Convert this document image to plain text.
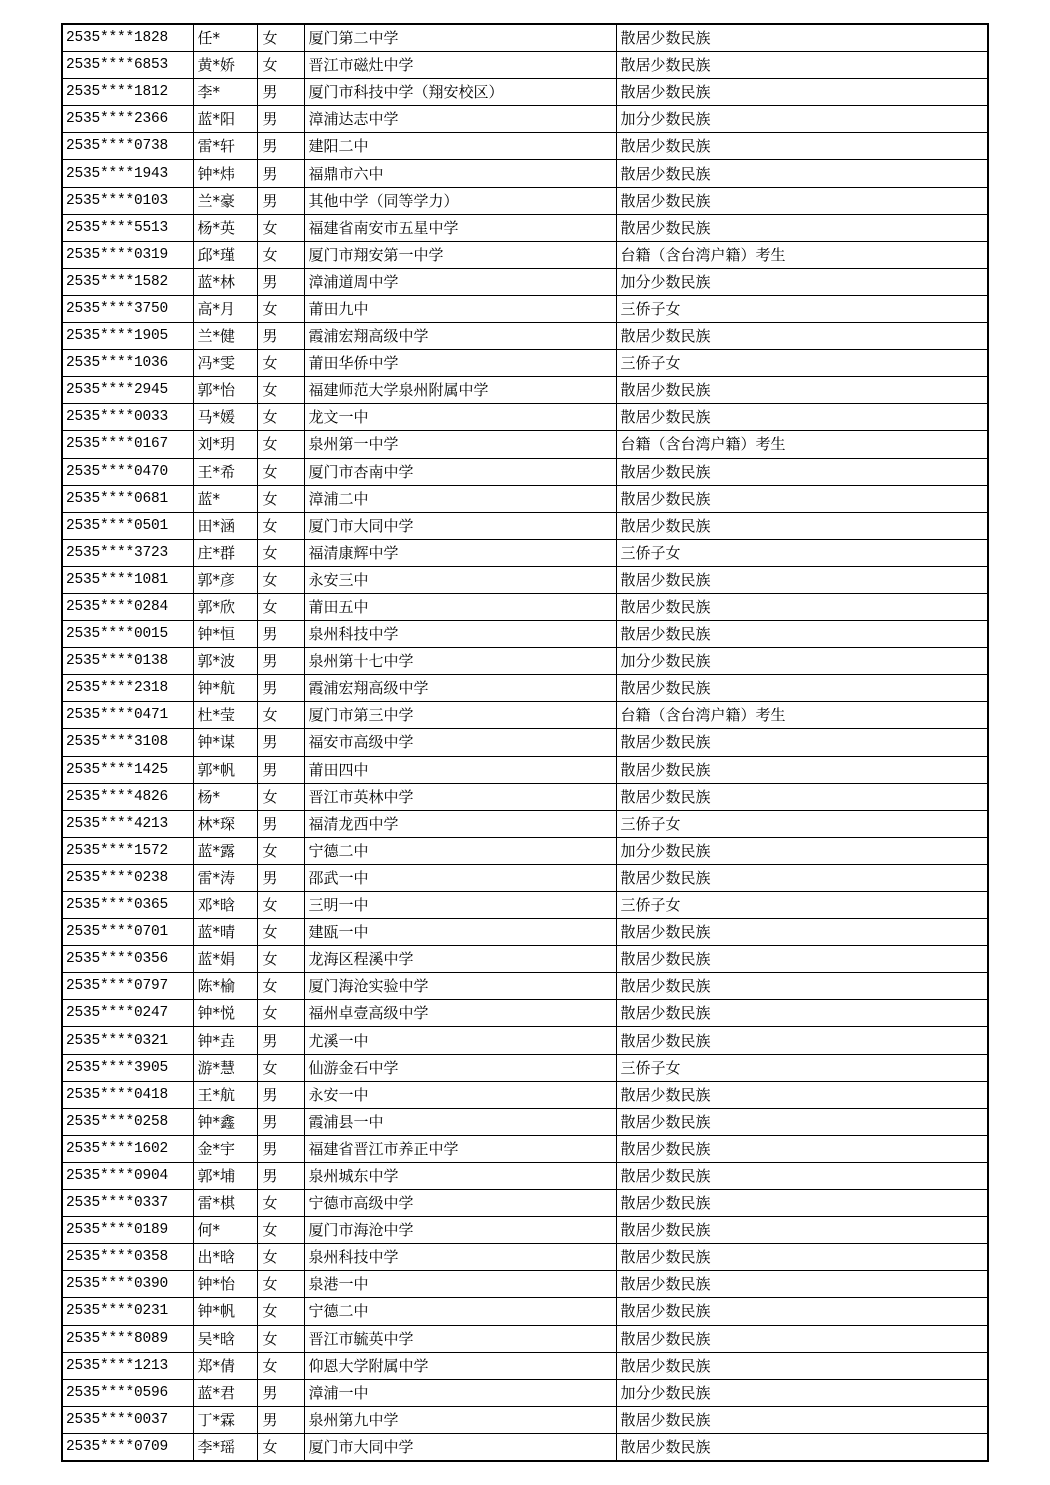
2535****1828	任*	女	厦门第二中学	散居少数民族
2535****6853	黄*娇	女	晋江市磁灶中学	散居少数民族
2535****1812	李*	男	厦门市科技中学（翔安校区）	散居少数民族
2535****2366	蓝*阳	男	漳浦达志中学	加分少数民族
2535****0738	雷*轩	男	建阳二中	散居少数民族
2535****1943	钟*炜	男	福鼎市六中	散居少数民族
2535****0103	兰*豪	男	其他中学（同等学力）	散居少数民族
2535****5513	杨*英	女	福建省南安市五星中学	散居少数民族
2535****0319	邱*瑾	女	厦门市翔安第一中学	台籍（含台湾户籍）考生
2535****1582	蓝*林	男	漳浦道周中学	加分少数民族
2535****3750	高*月	女	莆田九中	三侨子女
2535****1905	兰*健	男	霞浦宏翔高级中学	散居少数民族
2535****1036	冯*雯	女	莆田华侨中学	三侨子女
2535****2945	郭*怡	女	福建师范大学泉州附属中学	散居少数民族
2535****0033	马*媛	女	龙文一中	散居少数民族
2535****0167	刘*玥	女	泉州第一中学	台籍（含台湾户籍）考生
2535****0470	王*希	女	厦门市杏南中学	散居少数民族
2535****0681	蓝*	女	漳浦二中	散居少数民族
2535****0501	田*涵	女	厦门市大同中学	散居少数民族
2535****3723	庄*群	女	福清康辉中学	三侨子女
2535****1081	郭*彦	女	永安三中	散居少数民族
2535****0284	郭*欣	女	莆田五中	散居少数民族
2535****0015	钟*恒	男	泉州科技中学	散居少数民族
2535****0138	郭*波	男	泉州第十七中学	加分少数民族
2535****2318	钟*航	男	霞浦宏翔高级中学	散居少数民族
2535****0471	杜*莹	女	厦门市第三中学	台籍（含台湾户籍）考生
2535****3108	钟*谋	男	福安市高级中学	散居少数民族
2535****1425	郭*帆	男	莆田四中	散居少数民族
2535****4826	杨*	女	晋江市英林中学	散居少数民族
2535****4213	林*琛	男	福清龙西中学	三侨子女
2535****1572	蓝*露	女	宁德二中	加分少数民族
2535****0238	雷*涛	男	邵武一中	散居少数民族
2535****0365	邓*晗	女	三明一中	三侨子女
2535****0701	蓝*晴	女	建瓯一中	散居少数民族
2535****0356	蓝*娟	女	龙海区程溪中学	散居少数民族
2535****0797	陈*榆	女	厦门海沧实验中学	散居少数民族
2535****0247	钟*悦	女	福州卓壹高级中学	散居少数民族
2535****0321	钟*垚	男	尤溪一中	散居少数民族
2535****3905	游*慧	女	仙游金石中学	三侨子女
2535****0418	王*航	男	永安一中	散居少数民族
2535****0258	钟*鑫	男	霞浦县一中	散居少数民族
2535****1602	金*宇	男	福建省晋江市养正中学	散居少数民族
2535****0904	郭*埔	男	泉州城东中学	散居少数民族
2535****0337	雷*棋	女	宁德市高级中学	散居少数民族
2535****0189	何*	女	厦门市海沧中学	散居少数民族
2535****0358	出*晗	女	泉州科技中学	散居少数民族
2535****0390	钟*怡	女	泉港一中	散居少数民族
2535****0231	钟*帆	女	宁德二中	散居少数民族
2535****8089	吴*晗	女	晋江市毓英中学	散居少数民族
2535****1213	郑*倩	女	仰恩大学附属中学	散居少数民族
2535****0596	蓝*君	男	漳浦一中	加分少数民族
2535****0037	丁*霖	男	泉州第九中学	散居少数民族
2535****0709	李*瑶	女	厦门市大同中学	散居少数民族
